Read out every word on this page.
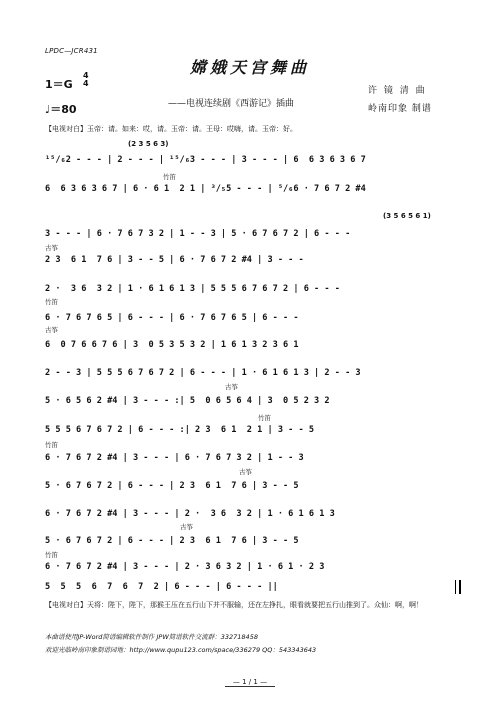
LPDC—JCR431
嫦娥天宫舞曲
1＝G
4
4
♩＝80	——电视连续剧《西游记》插曲
许 镜 清 曲
岭南印象 制谱
【电视对白】玉帝：请。如来：哎，请。玉帝：请。王母：哎嗨，请。玉帝：好。
(2 3 5 6 3)
(3 5 6 5 6 1)
竹笛
古筝
竹笛
古筝
古筝
竹笛
竹笛
古筝
竹笛
古筝
¹⁵/₆2 - - - | 2 - - - | ¹⁵/₆3 - - - | 3 - - - | 6  6 3 6 3 6 7
6  6 3 6 3 6 7 | 6 · 6 1  2 1 | ³/₅5 - - - | ⁵/₆6 · 7 6 7 2 #4
3 - - - | 6 · 7 6 7 3 2 | 1 - - 3 | 5 · 6 7 6 7 2 | 6 - - -
2 3  6 1  7 6 | 3 - - 5 | 6 · 7 6 7 2 #4 | 3 - - -
2 ·  3 6  3 2 | 1 · 6 1 6 1 3 | 5 5 5 6 7 6 7 2 | 6 - - -
6 · 7 6 7 6 5 | 6 - - - | 6 · 7 6 7 6 5 | 6 - - -
6  0 7 6 6 7 6 | 3  0 5 3 5 3 2 | 1 6 1 3 2 3 6 1
2 - - 3 | 5 5 5 6 7 6 7 2 | 6 - - - | 1 · 6 1 6 1 3 | 2 - - 3
5 · 6 5 6 2 #4 | 3 - - - :| 5  0 6 5 6 4 | 3  0 5 2 3 2
5 5 5 6 7 6 7 2 | 6 - - - :| 2 3  6 1  2 1 | 3 - - 5
6 · 7 6 7 2 #4 | 3 - - - | 6 · 7 6 7 3 2 | 1 - - 3
5 · 6 7 6 7 2 | 6 - - - | 2 3  6 1  7 6 | 3 - - 5
6 · 7 6 7 2 #4 | 3 - - - | 2 ·  3 6  3 2 | 1 · 6 1 6 1 3
5 · 6 7 6 7 2 | 6 - - - | 2 3  6 1  7 6 | 3 - - 5
6 · 7 6 7 2 #4 | 3 - - - | 2 · 3 6 3 2 | 1 · 6 1 · 2 3
5  5  5  6  7  6  7  2 | 6 - - - | 6 - - - ||
【电视对白】天将：陛下，陛下，那猴王压在五行山下并不服输，还在左挣扎，眼看就要把五行山推到了。众仙：啊，啊！
本曲谱使用JP-Word简谱编辑软件制作 JPW简谱软件交流群：332718458
欢迎光临岭南印象制谱园地：http://www.qupu123.com/space/336279 QQ：543343643
— 1 / 1 —
